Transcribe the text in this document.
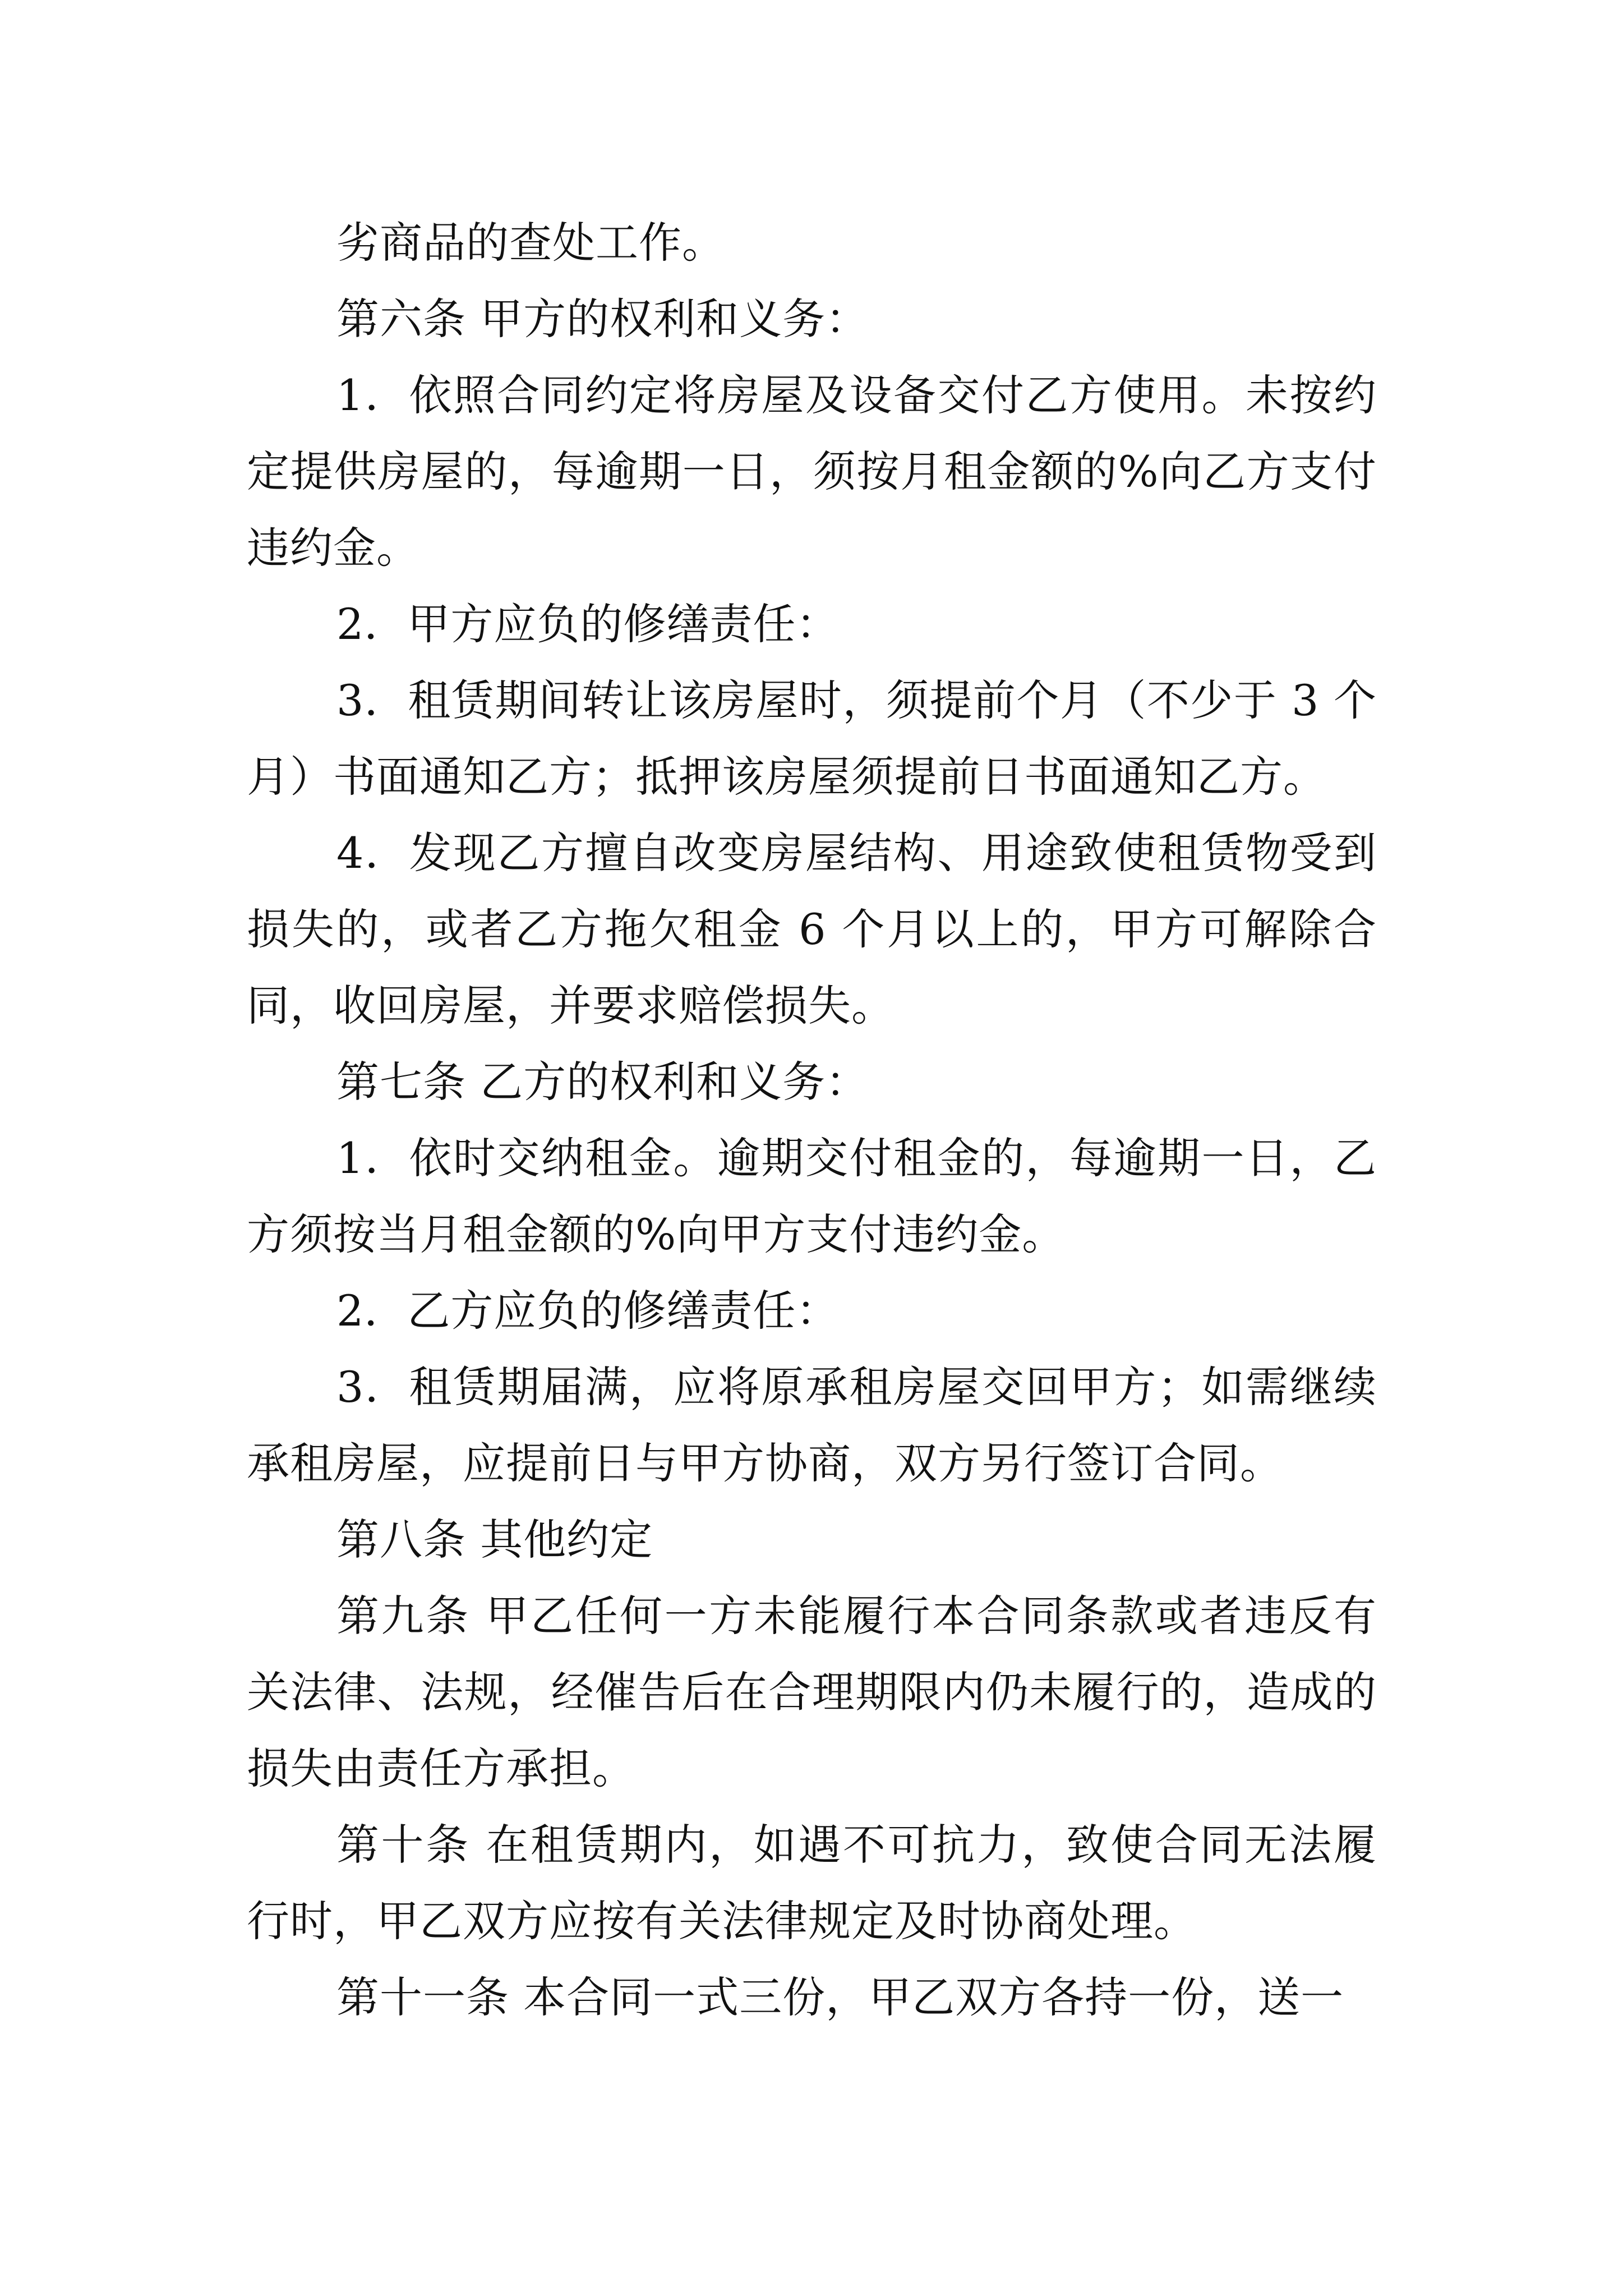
劣商品的查处工作。

第六条 甲方的权利和义务：

1．依照合同约定将房屋及设备交付乙方使用。未按约定提供房屋的，每逾期一日，须按月租金额的%向乙方支付违约金。

2．甲方应负的修缮责任：

3．租赁期间转让该房屋时，须提前个月（不少于 3 个月）书面通知乙方；抵押该房屋须提前日书面通知乙方。

4．发现乙方擅自改变房屋结构、用途致使租赁物受到损失的，或者乙方拖欠租金 6 个月以上的，甲方可解除合同，收回房屋，并要求赔偿损失。

第七条 乙方的权利和义务：

1．依时交纳租金。逾期交付租金的，每逾期一日，乙方须按当月租金额的%向甲方支付违约金。

2．乙方应负的修缮责任：

3．租赁期届满，应将原承租房屋交回甲方；如需继续承租房屋，应提前日与甲方协商，双方另行签订合同。

第八条 其他约定

第九条 甲乙任何一方未能履行本合同条款或者违反有关法律、法规，经催告后在合理期限内仍未履行的，造成的损失由责任方承担。

第十条 在租赁期内，如遇不可抗力，致使合同无法履行时，甲乙双方应按有关法律规定及时协商处理。

第十一条 本合同一式三份，甲乙双方各持一份，送一
